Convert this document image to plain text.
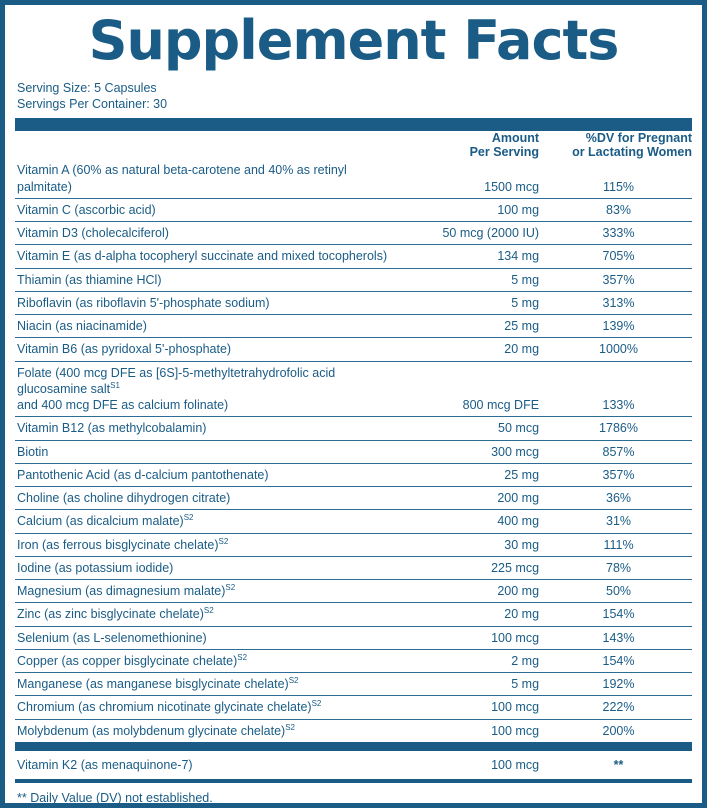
Supplement Facts
Serving Size: 5 Capsules
Servings Per Container: 30

Amount
Per Serving

%DV for Pregnant
or Lactating Women

Vitamin A (60% as natural beta-carotene and 40% as retinyl palmitate)	1500 mcg	115%
Vitamin C (ascorbic acid)	100 mg	83%
Vitamin D3 (cholecalciferol)	50 mcg (2000 IU)	333%
Vitamin E (as d-alpha tocopheryl succinate and mixed tocopherols)	134 mg	705%
Thiamin (as thiamine HCl)	5 mg	357%
Riboflavin (as riboflavin 5'-phosphate sodium)	5 mg	313%
Niacin (as niacinamide)	25 mg	139%
Vitamin B6 (as pyridoxal 5'-phosphate)	20 mg	1000%
Folate (400 mcg DFE as [6S]-5-methyltetrahydrofolic acid glucosamine salt$^{S1}$
and 400 mcg DFE as calcium folinate)	800 mcg DFE	133%
Vitamin B12 (as methylcobalamin)	50 mcg	1786%
Biotin	300 mcg	857%
Pantothenic Acid (as d-calcium pantothenate)	25 mg	357%
Choline (as choline dihydrogen citrate)	200 mg	36%
Calcium (as dicalcium malate)$^{S2}$	400 mg	31%
Iron (as ferrous bisglycinate chelate)$^{S2}$	30 mg	111%
Iodine (as potassium iodide)	225 mcg	78%
Magnesium (as dimagnesium malate)$^{S2}$	200 mg	50%
Zinc (as zinc bisglycinate chelate)$^{S2}$	20 mg	154%
Selenium (as L-selenomethionine)	100 mcg	143%
Copper (as copper bisglycinate chelate)$^{S2}$	2 mg	154%
Manganese (as manganese bisglycinate chelate)$^{S2}$	5 mg	192%
Chromium (as chromium nicotinate glycinate chelate)$^{S2}$	100 mcg	222%
Molybdenum (as molybdenum glycinate chelate)$^{S2}$	100 mcg	200%
Vitamin K2 (as menaquinone-7)	100 mcg	**
** Daily Value (DV) not established.
